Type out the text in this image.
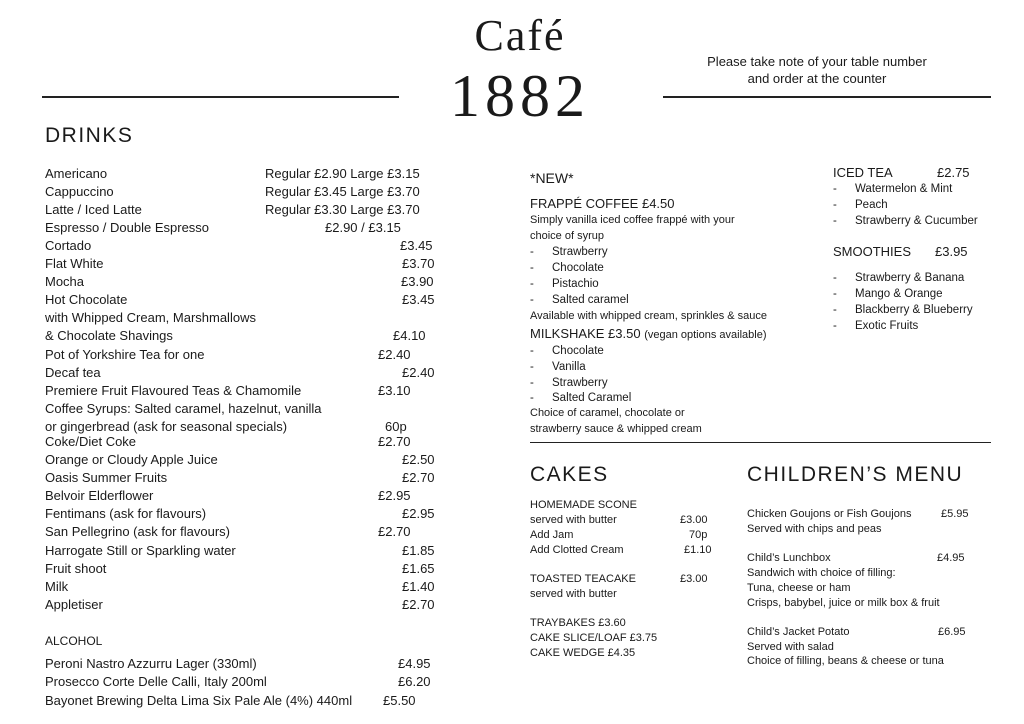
Café
1882
Please take note of your table number
and order at the counter
DRINKS
Americano	Regular £2.90 Large £3.15
Cappuccino	Regular £3.45 Large £3.70
Latte / Iced Latte	Regular £3.30 Large £3.70
Espresso / Double Espresso	£2.90 / £3.15
Cortado	£3.45
Flat White	£3.70
Mocha	£3.90
Hot Chocolate	£3.45
with Whipped Cream, Marshmallows
& Chocolate Shavings	£4.10
Pot of Yorkshire Tea for one	£2.40
Decaf tea	£2.40
Premiere Fruit Flavoured Teas & Chamomile	£3.10
Coffee Syrups: Salted caramel, hazelnut, vanilla
or gingerbread (ask for seasonal specials)	60p
Coke/Diet Coke	£2.70
Orange or Cloudy Apple Juice	£2.50
Oasis Summer Fruits	£2.70
Belvoir Elderflower	£2.95
Fentimans (ask for flavours)	£2.95
San Pellegrino (ask for flavours)	£2.70
Harrogate Still or Sparkling water	£1.85
Fruit shoot	£1.65
Milk	£1.40
Appletiser	£2.70
ALCOHOL
Peroni Nastro Azzurru Lager (330ml)	£4.95
Prosecco Corte Delle Calli, Italy 200ml	£6.20
Bayonet Brewing Delta Lima Six Pale Ale (4%) 440ml £5.50
*NEW*
FRAPPÉ COFFEE £4.50
Simply vanilla iced coffee frappé with your
choice of syrup
- Strawberry
- Chocolate
- Pistachio
- Salted caramel
Available with whipped cream, sprinkles & sauce
MILKSHAKE £3.50 (vegan options available)
- Chocolate
- Vanilla
- Strawberry
- Salted Caramel
Choice of caramel, chocolate or
strawberry sauce & whipped cream
ICED TEA	£2.75
- Watermelon & Mint
- Peach
- Strawberry & Cucumber
SMOOTHIES £3.95
- Strawberry & Banana
- Mango & Orange
- Blackberry & Blueberry
- Exotic Fruits
CAKES
HOMEMADE SCONE
served with butter	£3.00
Add Jam	70p
Add Clotted Cream	£1.10
TOASTED TEACAKE	£3.00
served with butter
TRAYBAKES £3.60
CAKE SLICE/LOAF £3.75
CAKE WEDGE £4.35
CHILDREN’S MENU
Chicken Goujons or Fish Goujons	£5.95
Served with chips and peas
Child’s Lunchbox	£4.95
Sandwich with choice of filling:
Tuna, cheese or ham
Crisps, babybel, juice or milk box & fruit
Child’s Jacket Potato	£6.95
Served with salad
Choice of filling, beans & cheese or tuna
